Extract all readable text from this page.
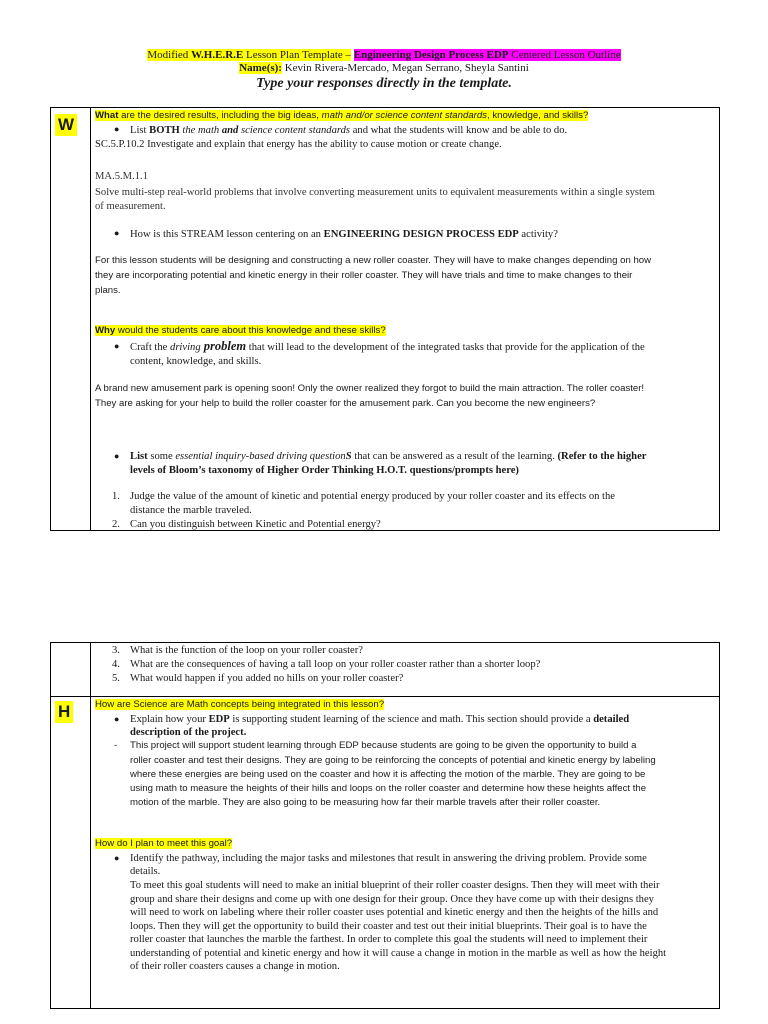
Modified W.H.E.R.E Lesson Plan Template – Engineering Design Process EDP Centered Lesson Outline
Name(s): Kevin Rivera-Mercado, Megan Serrano, Sheyla Santini
Type your responses directly in the template.
W	What are the desired results, including the big ideas, math and/or science content standards, knowledge, and skills?
● List BOTH the math and science content standards and what the students will know and be able to do.
SC.5.P.10.2 Investigate and explain that energy has the ability to cause motion or create change.
MA.5.M.1.1
Solve multi-step real-world problems that involve converting measurement units to equivalent measurements within a single system
of measurement.
● How is this STREAM lesson centering on an ENGINEERING DESIGN PROCESS EDP activity?
For this lesson students will be designing and constructing a new roller coaster. They will have to make changes depending on how
they are incorporating potential and kinetic energy in their roller coaster. They will have trials and time to make changes to their
plans.
Why would the students care about this knowledge and these skills?
● Craft the driving problem that will lead to the development of the integrated tasks that provide for the application of the
content, knowledge, and skills.
A brand new amusement park is opening soon! Only the owner realized they forgot to build the main attraction. The roller coaster!
They are asking for your help to build the roller coaster for the amusement park. Can you become the new engineers?
● List some essential inquiry-based driving questionS that can be answered as a result of the learning. (Refer to the higher
levels of Bloom’s taxonomy of Higher Order Thinking H.O.T. questions/prompts here)
1. Judge the value of the amount of kinetic and potential energy produced by your roller coaster and its effects on the
distance the marble traveled.
2. Can you distinguish between Kinetic and Potential energy?
H
3. What is the function of the loop on your roller coaster?
4. What are the consequences of having a tall loop on your roller coaster rather than a shorter loop?
5. What would happen if you added no hills on your roller coaster?
How are Science are Math concepts being integrated in this lesson?
● Explain how your EDP is supporting student learning of the science and math. This section should provide a detailed
description of the project.
- This project will support student learning through EDP because students are going to be given the opportunity to build a
roller coaster and test their designs. They are going to be reinforcing the concepts of potential and kinetic energy by labeling
where these energies are being used on the coaster and how it is affecting the motion of the marble. They are going to be
using math to measure the heights of their hills and loops on the roller coaster and determine how these heights affect the
motion of the marble. They are also going to be measuring how far their marble travels after their roller coaster.
How do I plan to meet this goal?
● Identify the pathway, including the major tasks and milestones that result in answering the driving problem. Provide some
details.
To meet this goal students will need to make an initial blueprint of their roller coaster designs. Then they will meet with their
group and share their designs and come up with one design for their group. Once they have come up with their designs they
will need to work on labeling where their roller coaster uses potential and kinetic energy and then the heights of the hills and
loops. Then they will get the opportunity to build their coaster and test out their initial blueprints. Their goal is to have the
roller coaster that launches the marble the farthest. In order to complete this goal the students will need to implement their
understanding of potential and kinetic energy and how it will cause a change in motion in the marble as well as how the height
of their roller coasters causes a change in motion.
